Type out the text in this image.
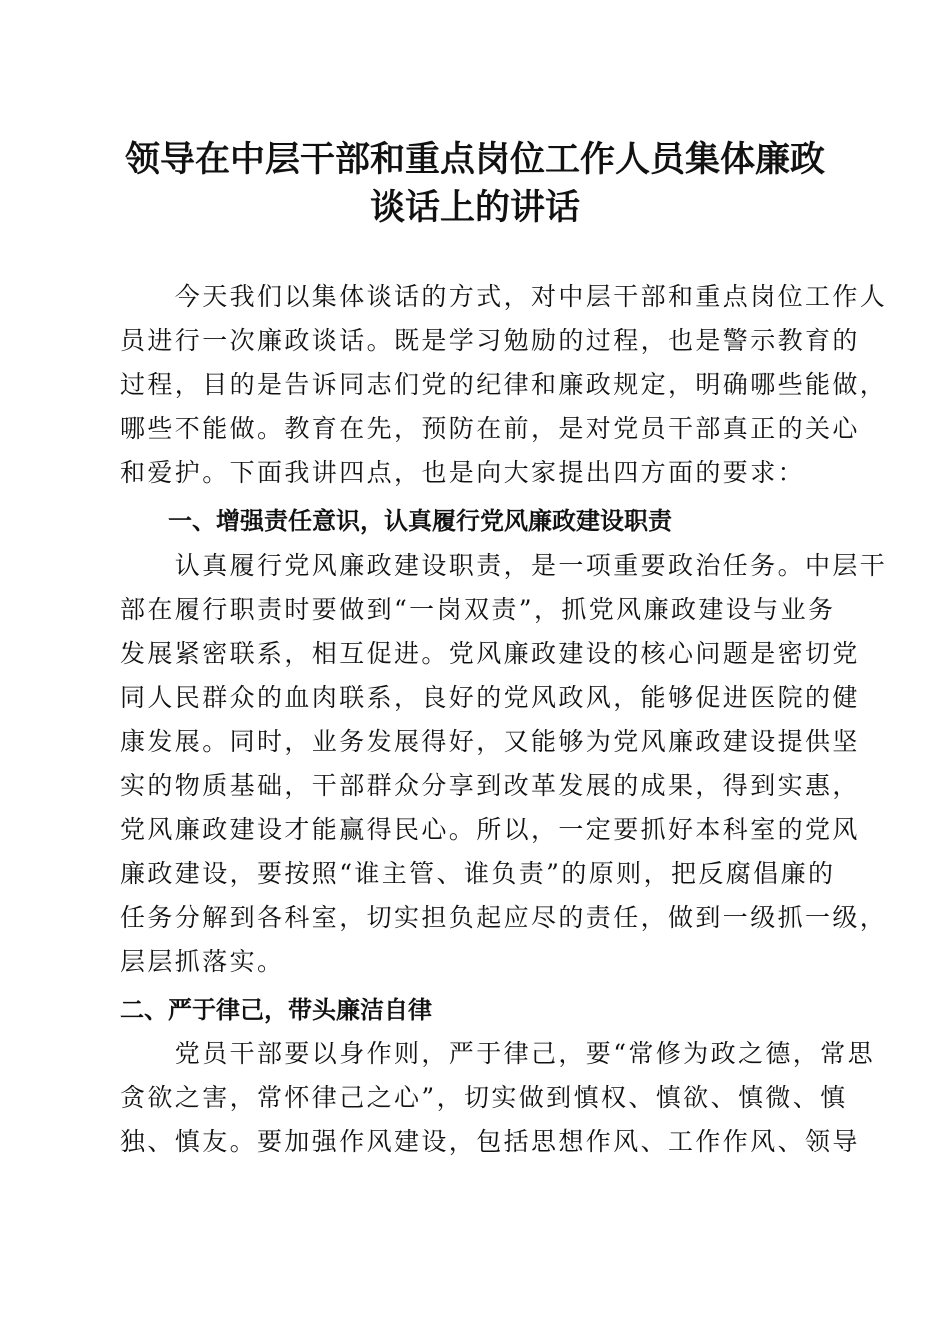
领导在中层干部和重点岗位工作人员集体廉政
谈话上的讲话

　　今天我们以集体谈话的方式，对中层干部和重点岗位工作人

员进行一次廉政谈话。既是学习勉励的过程，也是警示教育的

过程，目的是告诉同志们党的纪律和廉政规定，明确哪些能做，

哪些不能做。教育在先，预防在前，是对党员干部真正的关心

和爱护。下面我讲四点，也是向大家提出四方面的要求：

　　一、增强责任意识，认真履行党风廉政建设职责

　　认真履行党风廉政建设职责，是一项重要政治任务。中层干

部在履行职责时要做到“一岗双责”，抓党风廉政建设与业务

发展紧密联系，相互促进。党风廉政建设的核心问题是密切党

同人民群众的血肉联系，良好的党风政风，能够促进医院的健

康发展。同时，业务发展得好，又能够为党风廉政建设提供坚

实的物质基础，干部群众分享到改革发展的成果，得到实惠，

党风廉政建设才能赢得民心。所以，一定要抓好本科室的党风

廉政建设，要按照“谁主管、谁负责”的原则，把反腐倡廉的

任务分解到各科室，切实担负起应尽的责任，做到一级抓一级，

层层抓落实。

二、严于律己，带头廉洁自律

　　党员干部要以身作则，严于律己，要“常修为政之德，常思

贪欲之害，常怀律己之心”，切实做到慎权、慎欲、慎微、慎

独、慎友。要加强作风建设，包括思想作风、工作作风、领导
